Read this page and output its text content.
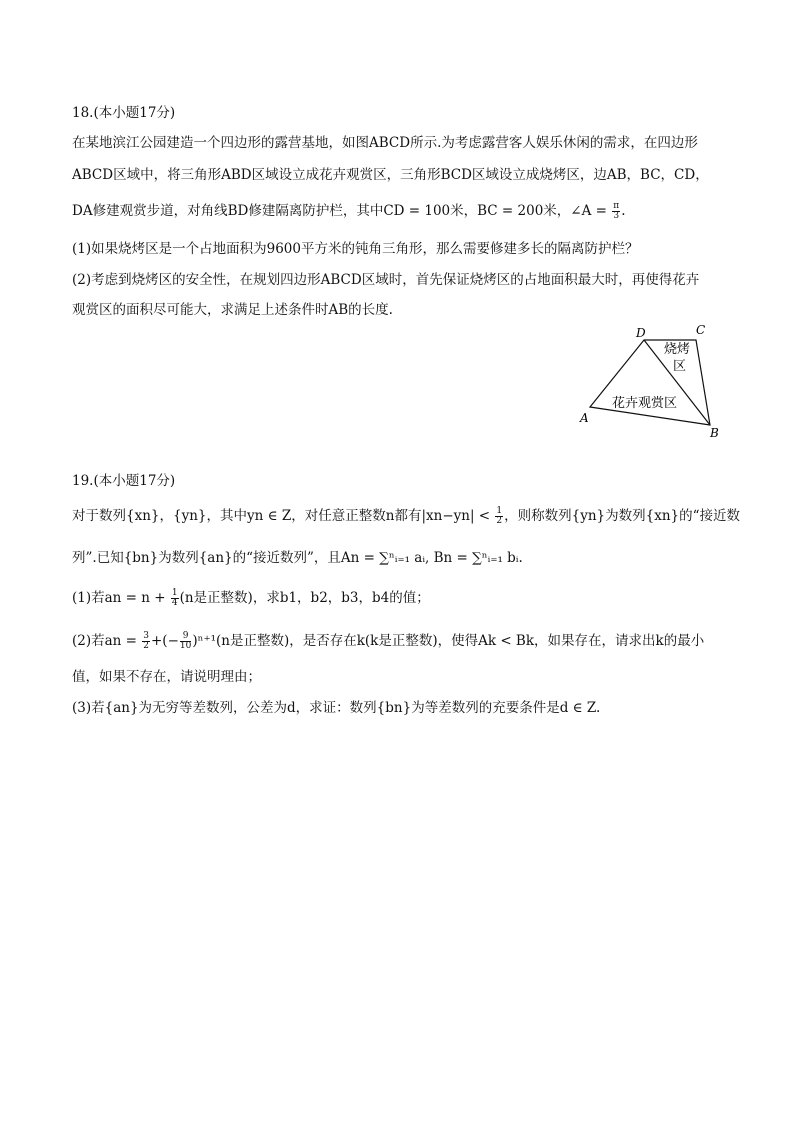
18.(本小题17分)
在某地滨江公园建造一个四边形的露营基地，如图ABCD所示.为考虑露营客人娱乐休闲的需求，在四边形
ABCD区域中，将三角形ABD区域设立成花卉观赏区，三角形BCD区域设立成烧烤区，边AB，BC，CD，
DA修建观赏步道，对角线BD修建隔离防护栏，其中CD = 100米，BC = 200米，∠A = $\frac{\pi}{3}$ .
(1)如果烧烤区是一个占地面积为9600平方米的钝角三角形，那么需要修建多长的隔离防护栏？
(2)考虑到烧烤区的安全性，在规划四边形ABCD区域时，首先保证烧烤区的占地面积最大时，再使得花卉
观赏区的面积尽可能大，求满足上述条件时AB的长度.
D	C
A
B
烧烤
区
花卉观赏区
19.(本小题17分)
对于数列{xn}，{yn}，其中yn ∈ Z，对任意正整数n都有$|xn-yn| < \frac{1}{2}$ ，则称数列{yn}为数列{xn}的“接近数
列”.已知{bn}为数列{an}的“接近数列”，且An = ∑ⁿᵢ₌₁ aᵢ, Bn = ∑ⁿᵢ₌₁ bᵢ.
(1)若an = $n + \frac{1}{4} (n$是正整数)，求b1，b2，b3，b4的值；
(2)若an = $\frac{3}{2}$ +(− $\frac{9}{10} )^{n+1}(n$是正整数)，是否存在k(k是正整数)，使得Ak < Bk，如果存在，请求出k的最小
值，如果不存在，请说明理由；
(3)若{an}为无穷等差数列，公差为d，求证：数列{bn}为等差数列的充要条件是d ∈ Z.
